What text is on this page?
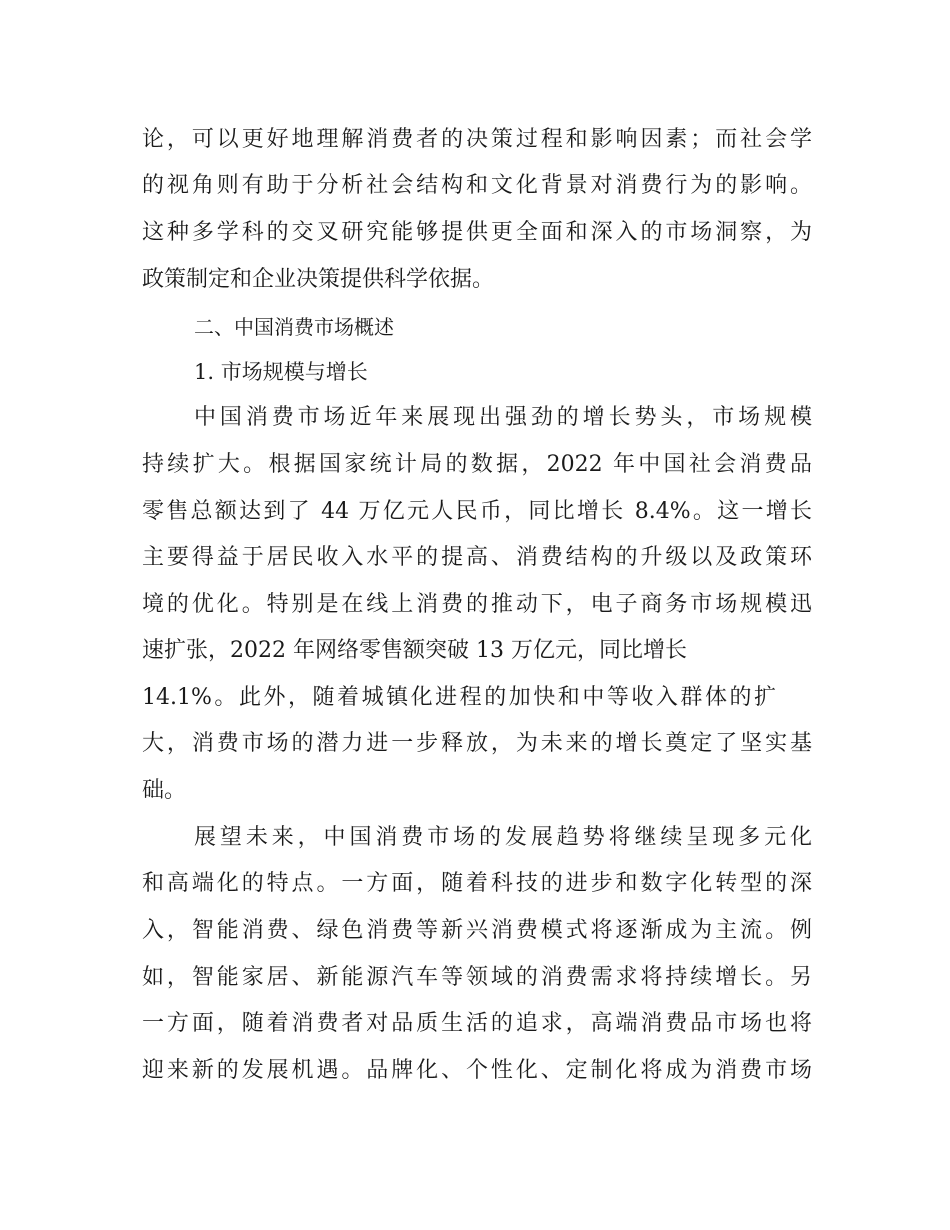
论，可以更好地理解消费者的决策过程和影响因素；而社会学
的视角则有助于分析社会结构和文化背景对消费行为的影响。
这种多学科的交叉研究能够提供更全面和深入的市场洞察，为
政策制定和企业决策提供科学依据。
二、中国消费市场概述
1. 市场规模与增长
中国消费市场近年来展现出强劲的增长势头，市场规模
持续扩大。根据国家统计局的数据，2022 年中国社会消费品
零售总额达到了 44 万亿元人民币，同比增长 8.4%。这一增长
主要得益于居民收入水平的提高、消费结构的升级以及政策环
境的优化。特别是在线上消费的推动下，电子商务市场规模迅
速扩张，2022 年网络零售额突破 13 万亿元，同比增长
14.1%。此外，随着城镇化进程的加快和中等收入群体的扩
大，消费市场的潜力进一步释放，为未来的增长奠定了坚实基
础。
展望未来，中国消费市场的发展趋势将继续呈现多元化
和高端化的特点。一方面，随着科技的进步和数字化转型的深
入，智能消费、绿色消费等新兴消费模式将逐渐成为主流。例
如，智能家居、新能源汽车等领域的消费需求将持续增长。另
一方面，随着消费者对品质生活的追求，高端消费品市场也将
迎来新的发展机遇。品牌化、个性化、定制化将成为消费市场
